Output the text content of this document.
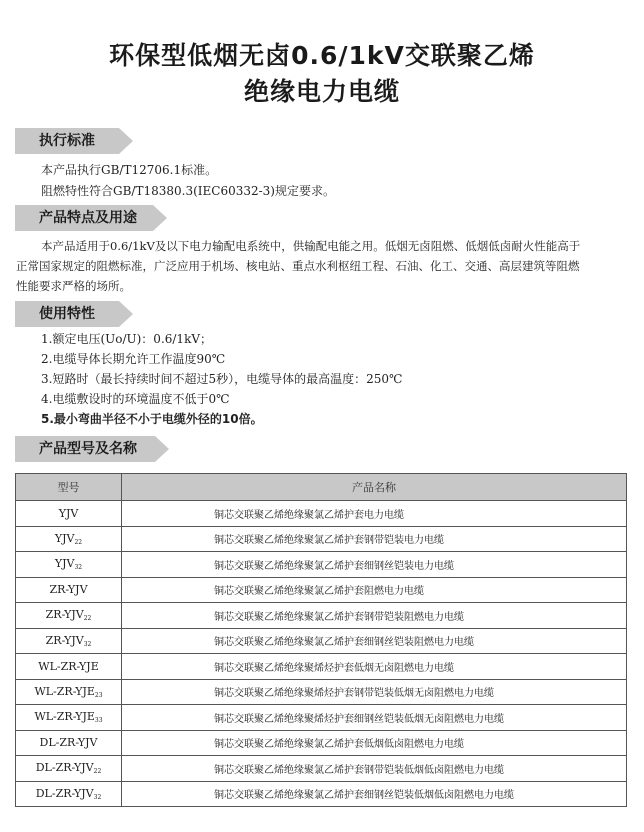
环保型低烟无卤0.6/1kV交联聚乙烯
绝缘电力电缆
执行标准

本产品执行GB/T12706.1标准。

阻燃特性符合GB/T18380.3(IEC60332-3)规定要求。

产品特点及用途

本产品适用于0.6/1kV及以下电力输配电系统中，供输配电能之用。低烟无卤阻燃、低烟低卤耐火性能高于

正常国家规定的阻燃标准，广泛应用于机场、核电站、重点水利枢纽工程、石油、化工、交通、高层建筑等阻燃

性能要求严格的场所。

使用特性

1.额定电压(Uo/U)：0.6/1kV；

2.电缆导体长期允许工作温度90℃

3.短路时（最长持续时间不超过5秒），电缆导体的最高温度：250℃

4.电缆敷设时的环境温度不低于0℃

5.最小弯曲半径不小于电缆外径的10倍。

产品型号及名称
型号	产品名称
YJV	铜芯交联聚乙烯绝缘聚氯乙烯护套电力电缆
$YJV_{22}$	铜芯交联聚乙烯绝缘聚氯乙烯护套钢带铠装电力电缆
$YJV_{32}$	铜芯交联聚乙烯绝缘聚氯乙烯护套细钢丝铠装电力电缆
ZR-YJV	铜芯交联聚乙烯绝缘聚氯乙烯护套阻燃电力电缆
$ZR-YJV_{22}$	铜芯交联聚乙烯绝缘聚氯乙烯护套钢带铠装阻燃电力电缆
$ZR-YJV_{32}$	铜芯交联聚乙烯绝缘聚氯乙烯护套细钢丝铠装阻燃电力电缆
WL-ZR-YJE	铜芯交联聚乙烯绝缘聚烯烃护套低烟无卤阻燃电力电缆
$WL-ZR-YJE_{23}$	铜芯交联聚乙烯绝缘聚烯烃护套钢带铠装低烟无卤阻燃电力电缆
$WL-ZR-YJE_{33}$	铜芯交联聚乙烯绝缘聚烯烃护套细钢丝铠装低烟无卤阻燃电力电缆
DL-ZR-YJV	铜芯交联聚乙烯绝缘聚氯乙烯护套低烟低卤阻燃电力电缆
$DL-ZR-YJV_{22}$	铜芯交联聚乙烯绝缘聚氯乙烯护套钢带铠装低烟低卤阻燃电力电缆
$DL-ZR-YJV_{32}$	铜芯交联聚乙烯绝缘聚氯乙烯护套细钢丝铠装低烟低卤阻燃电力电缆
